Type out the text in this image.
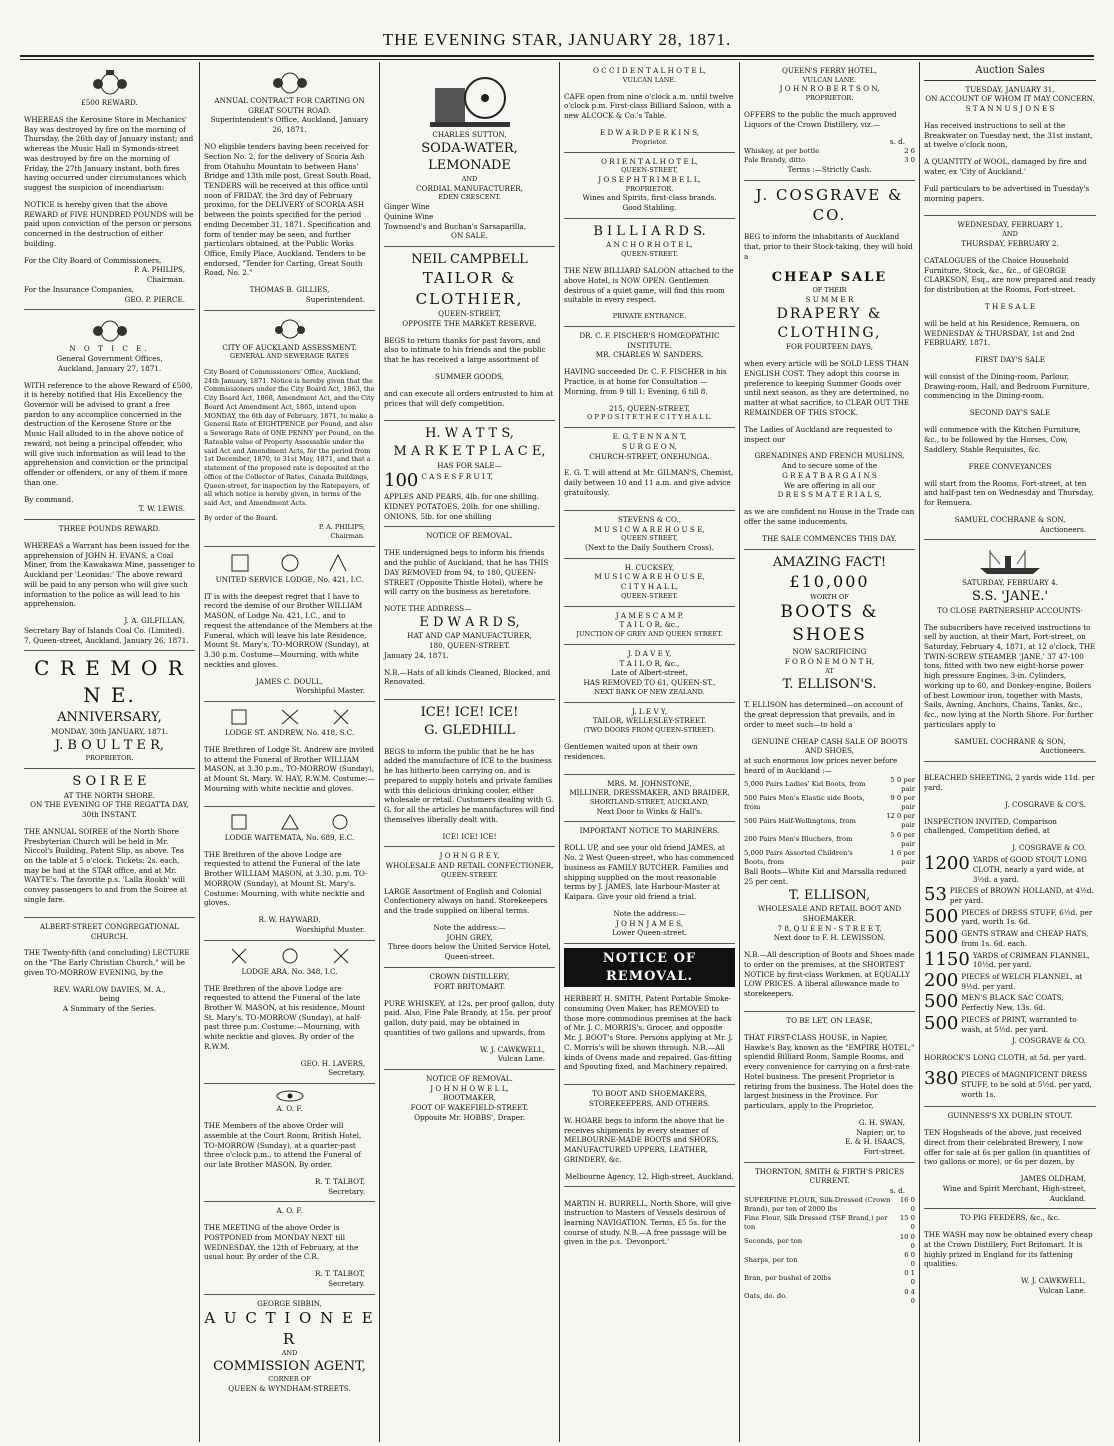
THE EVENING STAR, JANUARY 28, 1871.
£500 REWARD.

WHEREAS the Kerosine Store in Mechanics' Bay was destroyed by fire on the morning of Thursday, the 26th day of January instant; and whereas the Music Hall in Symonds-street was destroyed by fire on the morning of Friday, the 27th January instant, both fires having occurred under circumstances which suggest the suspicion of incendiarism:

NOTICE is hereby given that the above REWARD of FIVE HUNDRED POUNDS will be paid upon conviction of the person or persons concerned in the destruction of either building.

For the City Board of Commissioners,
P. A. PHILIPS,
Chairman.
For the Insurance Companies,
GEO. P. PIERCE.
N O T I C E.
General Government Offices,
Auckland, January 27, 1871.

WITH reference to the above Reward of £500, it is hereby notified that His Excellency the Governor will be advised to grant a free pardon to any accomplice concerned in the destruction of the Kerosene Store or the Music Hall alluded to in the above notice of reward, not being a principal offender, who will give such information as will lead to the apprehension and conviction or the principal offender or offenders, or any of them if more than one.

By command.
T. W. LEWIS.
THREE POUNDS REWARD.

WHEREAS a Warrant has been issued for the apprehension of JOHN H. EVANS, a Coal Miner, from the Kawakawa Mine, passenger to Auckland per 'Leonidas:' The above reward will be paid to any person who will give such information to the police as will lead to his apprehension.

J. A. GILFILLAN,
Secretary Bay of Islands Coal Co. (Limited).
7, Queen-street, Auckland, January 26, 1871.
C R E M O R N E.
ANNIVERSARY,
MONDAY, 30th JANUARY, 1871.
J. B O U L T E R,
PROPRIETOR.
S O I R E E
AT THE NORTH SHORE.
ON THE EVENING OF THE REGATTA DAY, 30th INSTANT.

THE ANNUAL SOIREE of the North Shore Presbyterian Church will be held in Mr. Niccol's Building, Patent Slip, as above. Tea on the table at 5 o'clock. Tickets: 2s. each, may be had at the STAR office, and at Mr. WAYTE's. The favorite p.s. 'Lalla Rookh' will convey passengers to and from the Soiree at single fare.

ALBERT-STREET CONGREGATIONAL CHURCH.

THE Twenty-fifth (and concluding) LECTURE on the "The Early Christian Church," will be given TO-MORROW EVENING, by the

REV. WARLOW DAVIES, M. A.,
being
A Summary of the Series.
ANNUAL CONTRACT FOR CARTING ON GREAT SOUTH ROAD.
Superintendent's Office, Auckland, January 26, 1871.

NO eligible tenders having been received for Section No. 2, for the delivery of Scoria Ash from Otahuhu Mountain to between Hans' Bridge and 13th mile post, Great South Road, TENDERS will be received at this office until noon of FRIDAY, the 3rd day of February proximo, for the DELIVERY of SCORIA ASH between the points specified for the period ending December 31, 1871. Specification and form of tender may be seen, and further particulars obtained, at the Public Works Office, Emily Place, Auckland. Tenders to be endorsed, "Tender for Carting, Great South Road, No. 2."

THOMAS B. GILLIES,
Superintendent.
CITY OF AUCKLAND ASSESSMENT.
GENERAL AND SEWERAGE RATES

City Board of Commissioners' Office, Auckland, 24th January, 1871. Notice is hereby given that the Commissioners under the City Board Act, 1863, the City Board Act, 1868, Amendment Act, and the City Board Act Amendment Act, 1865, intend upon MONDAY, the 6th day of February, 1871, to make a General Rate of EIGHTPENCE per Pound, and also a Sewerage Rate of ONE PENNY per Pound, on the Rateable value of Property Assessable under the said Act and Amendment Acts, for the period from 1st December, 1870, to 31st May, 1871, and that a statement of the proposed rate is deposited at the office of the Collector of Rates, Canada Buildings, Queen-street, for inspection by the Ratepayers, of all which notice is hereby given, in terms of the said Act, and Amendment Acts.

By order of the Board.
P. A. PHILIPS,
Chairman.
UNITED SERVICE LODGE, No. 421, I.C.

IT is with the deepest regret that I have to record the demise of our Brother WILLIAM MASON, of Lodge No. 421, I.C., and to request the attendance of the Members at the Funeral, which will leave his late Residence, Mount St. Mary's, TO-MORROW (Sunday), at 3.30 p.m. Costume—Mourning, with white neckties and gloves.

JAMES C. DOULL,
Worshipful Master.
LODGE ST. ANDREW, No. 418, S.C.

THE Brethren of Lodge St. Andrew are invited to attend the Funeral of Brother WILLIAM MASON, at 3.30 p.m., TO-MORROW (Sunday), at Mount St. Mary. W. HAY, R.W.M. Costume:—Mourning with white necktie and gloves.

LODGE WAITEMATA, No. 689, E.C.

THE Brethren of the above Lodge are requested to attend the Funeral of the late Brother WILLIAM MASON, at 3.30. p.m. TO-MORROW (Sunday), at Mount St. Mary's. Costume: Mourning, with white necktie and gloves.

R. W. HAYWARD,
Worshipful Muster.
LODGE ARA, No. 348, I.C.

THE Brethren of the above Lodge are requested to attend the Funeral of the late Brother W. MASON, at his residence, Mount St. Mary's, TO-MORROW (Sunday), at half-past three p.m. Costume:—Mourning, with white necktie and gloves. By order of the R.W.M.

GEO. H. LAVERS,
Secretary.
A. O. F.

THE Members of the above Order will assemble at the Court Room, British Hotel, TO-MORROW (Sunday), at a quarter-past three o'clock p.m., to attend the Funeral of our late Brother MASON. By order.

R. T. TALBOT,
Secretary.
A. O. F.

THE MEETING of the above Order is POSTPONED from MONDAY NEXT till WEDNESDAY, the 12th of February, at the usual hour. By order of the C.R.

R. T. TALBOT,
Secretary.
GEORGE SIBBIN,
A U C T I O N E E R
AND
COMMISSION AGENT,
CORNER OF
QUEEN & WYNDHAM-STREETS.
CHARLES SUTTON,
SODA-WATER, LEMONADE
AND
CORDIAL MANUFACTURER,
EDEN CRESCENT.
Ginger Wine
Quinine Wine
Townsend's and Buchan's Sarsaparilla,
ON SALE.
NEIL CAMPBELL
TAILOR & CLOTHIER,
QUEEN-STREET,
OPPOSITE THE MARKET RESERVE.

BEGS to return thanks for past favors, and also to intimate to his friends and the public that he has received a large assortment of

SUMMER GOODS,

and can execute all orders entrusted to him at prices that will defy competition.

H. W A T T S,
M A R K E T P L A C E,
HAS FOR SALE—
100 C A S E S F R U I T,
APPLES AND PEARS, 4lb. for one shilling.
KIDNEY POTATOES, 20lb. for one shilling.
ONIONS, 5lb. for one shilling
NOTICE OF REMOVAL.

THE undersigned begs to inform his friends and the public of Auckland, that he has THIS DAY REMOVED from 94, to 180, QUEEN-STREET (Opposite Thistle Hotel), where he will carry on the business as heretofore.

NOTE THE ADDRESS—
E D W A R D S,
HAT AND CAP MANUFACTURER,
180, QUEEN-STREET.
January 24, 1871.

N.B.—Hats of all kinds Cleaned, Blocked, and Renovated.

ICE! ICE! ICE!
G. GLEDHILL

BEGS to inform the public that he he has added the manufacture of ICE to the business he has hitherto been carrying on, and is prepared to supply hotels and private families with this delicious drinking cooler, either wholesale or retail. Customers dealing with G. G. for all the articles he manufactures will find themselves liberally dealt with.

ICE! ICE! ICE!
J O H N G R E Y,
WHOLESALE AND RETAIL CONFECTIONER,
QUEEN-STREET.

LARGE Assortment of English and Colonial Confectionery always on hand. Storekeepers and the trade supplied on liberal terms.

Note the address:—
JOHN GREY,
Three doors below the United Service Hotel, Queen-street.
CROWN DISTILLERY,
FORT BRITOMART.

PURE WHISKEY, at 12s. per proof gallon, duty paid. Also, Fine Pale Brandy, at 15s. per proof gallon, duty paid, may be obtained in quantities of two gallons and upwards, from

W. J. CAWKWELL,
Vulcan Lane.
NOTICE OF REMOVAL.
J O H N H O W E L L,
BOOTMAKER,
FOOT OF WAKEFIELD-STREET.
Opposite Mr. HOBBS', Draper.
O C C I D E N T A L H O T E L,
VULCAN LANE.

CAFE open from nine o'clock a.m. until twelve o'clock p.m. First-class Billiard Saloon, with a new ALCOCK & Co.'s Table.

E D W A R D P E R K I N S,
Proprietor.
O R I E N T A L H O T E L,
QUEEN-STREET,
J O S E P H T R I M B E L L,
PROPRIETOR.
Wines and Spirits, first-class brands.
Good Stabling.
B I L L I A R D S.
A N C H O R H O T E L,
QUEEN-STREET.

THE NEW BILLIARD SALOON attached to the above Hotel, is NOW OPEN. Gentlemen desirous of a quiet game, will find this room suitable in every respect.

PRIVATE ENTRANCE.
DR. C. F. FISCHER'S HOMŒOPATHIC INSTITUTE.
MR. CHARLES W. SANDERS,

HAVING succeeded Dr. C. F. FISCHER in his Practice, is at home for Consultation —Morning, from 9 till 1; Evening, 6 till 8.

215, QUEEN-STREET,
O P P O S I T E T H E C I T Y H A L L.
E. G. T E N N A N T,
S U R G E O N,
CHURCH-STREET, ONEHUNGA.

E. G. T. will attend at Mr. GILMAN'S, Chemist, daily between 10 and 11 a.m. and give advice gratuitously.

STEVENS & CO.,
M U S I C W A R E H O U S E,
QUEEN STREET,
(Next to the Daily Southern Cross).
H. CUCKSEY,
M U S I C W A R E H O U S E,
C I T Y H A L L,
QUEEN-STREET.
J A M E S C A M P,
T A I L O R, &c.,
JUNCTION OF GREY AND QUEEN STREET.
J. D A V E Y,
T A I L O R, &c.,
Late of Albert-street,
HAS REMOVED TO 61, QUEEN-ST.,
NEXT BANK OF NEW ZEALAND.
J. L E V Y,
TAILOR, WELLESLEY-STREET.
(TWO DOORS FROM QUEEN-STREET).

Gentlemen waited upon at their own residences.

MRS. M. JOHNSTONE,
MILLINER, DRESSMAKER, AND BRAIDER,
SHORTLAND-STREET, AUCKLAND,
Next Door to Winks & Hall's.
IMPORTANT NOTICE TO MARINERS.

ROLL UP, and see your old friend JAMES, at No. 2 West Queen-street, who has commenced business as FAMILY BUTCHER. Families and shipping supplied on the most reasonable terms by J. JAMES, late Harbour-Master at Kaipara. Give your old friend a trial.

Note the address:—
J O H N J A M E S,
Lower Queen-street.
NOTICE OF REMOVAL.

HERBERT H. SMITH, Patent Portable Smoke-consuming Oven Maker, has REMOVED to those more commodious premises at the back of Mr. J. C. MORRIS's, Grocer, and opposite Mr. J. BOOT's Store. Persons applying at Mr. J. C. Morris's will be shown through. N.B.—All kinds of Ovens made and repaired. Gas-fitting and Spouting fixed, and Machinery repaired.

TO BOOT AND SHOEMAKERS, STOREKEEPERS, AND OTHERS.

W. HOARE begs to inform the above that he receives shipments by every steamer of MELBOURNE-MADE BOOTS and SHOES, MANUFACTURED UPPERS, LEATHER, GRINDERY, &c.

Melbourne Agency, 12, High-street, Auckland.

MARTIN H. BURRELL, North Shore, will give instruction to Masters of Vessels desirous of learning NAVIGATION. Terms, £5 5s. for the course of study. N.B.—A free passage will be given in the p.s. 'Devonport.'

QUEEN'S FERRY HOTEL,
VULCAN LANE.
J O H N R O B E R T S O N,
PROPRIETOR.

OFFERS to the public the much approved Liquors of the Crown Distillery, viz.—

s. d.
Whiskey, at per bottle	2 6
Pale Brandy, ditto	3 0
Terms :—Strictly Cash.
J. COSGRAVE & CO.

BEG to inform the inhabitants of Auckland that, prior to their Stock-taking, they will hold a

CHEAP SALE
OF THEIR
S U M M E R
DRAPERY & CLOTHING,
FOR FOURTEEN DAYS,

when every article will be SOLD LESS THAN ENGLISH COST. They adopt this course in preference to keeping Summer Goods over until next season, as they are determined, no matter at what sacrifice, to CLEAR OUT THE REMAINDER OF THIS STOCK.

The Ladies of Auckland are requested to inspect our

GRENADINES AND FRENCH MUSLINS,
And to secure some of the
G R E A T B A R G A I N S
We are offering in all our
D R E S S M A T E R I A L S,

as we are confident no House in the Trade can offer the same inducements.

THE SALE COMMENCES THIS DAY.
AMAZING FACT!
£10,000
WORTH OF
BOOTS & SHOES
NOW SACRIFICING
F O R O N E M O N T H,
AT
T. ELLISON'S.

T. ELLISON has determined—on account of the great depression that prevails, and in order to meet such—to hold a

GENUINE CHEAP CASH SALE OF BOOTS AND SHOES,
at such enormous low prices never before heard of in Auckland :—
5,000 Pairs Ladies' Kid Boots, from	5 0 per pair
500 Pairs Men's Elastic side Boots, from	9 0 per pair
500 Pairs Half-Wellingtons, from	12 0 per pair
200 Pairs Men's Bluchers, from	5 6 per pair
5,000 Pairs Assorted Children's Boots, from	1 6 per pair
Ball Boots—White Kid and Marsalla reduced 25 per cent.
T. ELLISON,
WHOLESALE AND RETAIL BOOT AND SHOEMAKER.
7 8, Q U E E N - S T R E E T,
Next door to F. H. LEWISSON.

N.B.—All description of Boots and Shoes made to order on the premises, at the SHORTEST NOTICE by first-class Workmen, at EQUALLY LOW PRICES. A liberal allowance made to storekeepers.

TO BE LET, ON LEASE,

THAT FIRST-CLASS HOUSE, in Napier, Hawke's Bay, known as the "EMPIRE HOTEL;" splendid Billiard Room, Sample Rooms, and every convenience for carrying on a first-rate Hotel business. The present Proprietor is retiring from the business. The Hotel does the largest business in the Province. For particulars, apply to the Proprietor,

G. H. SWAN,
Napier; or, to
E. & H. ISAACS,
Fort-street.
THORNTON, SMITH & FIRTH'S PRICES CURRENT.
s. d.
SUPERFINE FLOUR, Silk-Dressed (Crown Brand), per ton of 2000 lbs	16 0 0
Fine Flour, Silk Dressed (TSF Brand,) per ton	15 0 0
Seconds, per ton	10 0 0
Sharps, per ton	6 0 0
Bran, per bushel of 20lbs	0 1 0
Oats, do. do.	0 4 0
Auction Sales
TUESDAY, JANUARY 31.
ON ACCOUNT OF WHOM IT MAY CONCERN.
S T A N N U S J O N E S

Has received instructions to sell at the Breakwater on Tuesday next, the 31st instant, at twelve o'clock noon,

A QUANTITY of WOOL, damaged by fire and water, ex 'City of Auckland.'

Full particulars to be advertised in Tuesday's morning papers.

WEDNESDAY, FEBRUARY 1,
AND
THURSDAY, FEBRUARY 2.

CATALOGUES of the Choice Household Furniture, Stock, &c., &c., of GEORGE CLARKSON, Esq., are now prepared and ready for distribution at the Rooms, Fort-street.

T H E S A L E

will be held at his Residence, Remuera, on WEDNESDAY & THURSDAY, 1st and 2nd FEBRUARY, 1871.

FIRST DAY'S SALE

will consist of the Dining-room, Parlour, Drawing-room, Hall, and Bedroom Furniture, commencing in the Dining-room.

SECOND DAY'S SALE

will commence with the Kitchen Furniture, &c., to be followed by the Horses, Cow, Saddlery, Stable Requisites, &c.

FREE CONVEYANCES

will start from the Rooms, Fort-street, at ten and half-past ten on Wednesday and Thursday, for Remuera.

SAMUEL COCHRANE & SON,
Auctioneers.
SATURDAY, FEBRUARY 4.
S.S. 'JANE.'
TO CLOSE PARTNERSHIP ACCOUNTS·

The subscribers have received instructions to sell by auction, at their Mart, Fort-street, on Saturday, February 4, 1871, at 12 o'clock, THE TWIN-SCREW STEAMER 'JANE,' 37 47-100 tons, fitted with two new eight-horse power high pressure Engines, 3-in. Cylinders, working up to 60, and Donkey-engine, Boilers of best Lowmoor iron, together with Masts, Sails, Awning, Anchors, Chains, Tanks, &c., &c., now lying at the North Shore. For further particulars apply to

SAMUEL COCHRANE & SON,
Auctioneers.

BLEACHED SHEETING, 2 yards wide 11d. per yard.

J. COSGRAVE & CO'S.

INSPECTION INVITED, Comparison challenged, Competition defied, at

J. COSGRAVE & CO.
1200 YARDS of GOOD STOUT LONG CLOTH, nearly a yard wide, at 3½d. a yard.
53 PIECES of BROWN HOLLAND, at 4½d. per yard.
500 PIECES of DRESS STUFF, 6½d. per yard, worth 1s. 6d.
500 GENTS STRAW and CHEAP HATS, from 1s. 6d. each.
1150 YARDS of CRIMEAN FLANNEL, 10½d. per yard.
200 PIECES of WELCH FLANNEL, at 9½d. per yard.
500 MEN'S BLACK SAC COATS, Perfectly New, 13s. 6d.
500 PIECES of PRINT, warranted to wash, at 5½d. per yard.
J. COSGRAVE & CO.

HORROCK'S LONG CLOTH, at 5d. per yard.

380 PIECES of MAGNIFICENT DRESS STUFF, to be sold at 5½d. per yard, worth 1s.
GUINNESS'S XX DUBLIN STOUT.

TEN Hogsheads of the above, just received direct from their celebrated Brewery, I now offer for sale at 6s per gallon (in quantities of two gallons or more), or 6s per dozen, by

JAMES OLDHAM,
Wine and Spirit Merchant, High-street, Auckland.
TO PIG FEEDERS, &c., &c.

THE WASH may now be obtained every cheap at the Crown Distillery, Fort Britomart. It is highly prized in England for its fattening qualities.

W. J. CAWKWELL,
Vulcan Lane.
